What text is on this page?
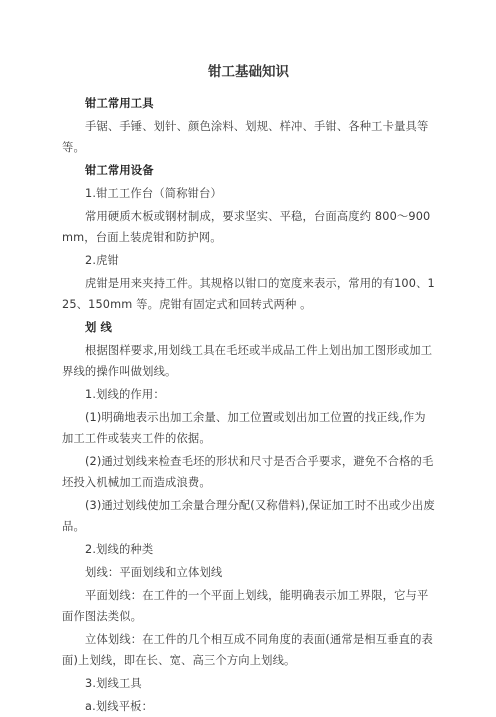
钳工基础知识
钳工常用工具
手锯、手锤、划针、颜色涂料、划规、样冲、手钳、各种工卡量具等等。
钳工常用设备
1.钳工工作台（简称钳台）
常用硬质木板或钢材制成，要求坚实、平稳，台面高度约 800～900mm，台面上装虎钳和防护网。
2.虎钳
虎钳是用来夹持工件。其规格以钳口的宽度来表示，常用的有100、125、150mm 等。虎钳有固定式和回转式两种 。
划 线
根据图样要求,用划线工具在毛坯或半成品工件上划出加工图形或加工界线的操作叫做划线。
1.划线的作用：
(1)明确地表示出加工余量、加工位置或划出加工位置的找正线,作为加工工件或装夹工件的依据。
(2)通过划线来检查毛坯的形状和尺寸是否合乎要求，避免不合格的毛坯投入机械加工而造成浪费。
(3)通过划线使加工余量合理分配(又称借料),保证加工时不出或少出废品。
2.划线的种类
划线：平面划线和立体划线
平面划线：在工件的一个平面上划线，能明确表示加工界限，它与平面作图法类似。
立体划线：在工件的几个相互成不同角度的表面(通常是相互垂直的表面)上划线，即在长、宽、高三个方向上划线。
3.划线工具
a.划线平板：
